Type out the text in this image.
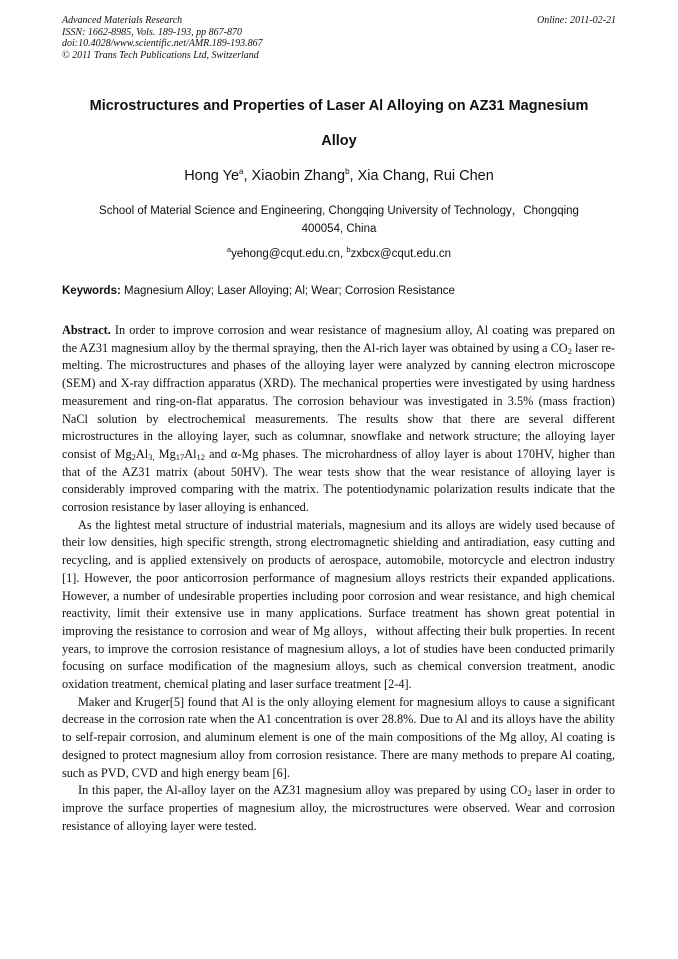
Online: 2011-02-21
Advanced Materials Research
ISSN: 1662-8985, Vols. 189-193, pp 867-870
doi:10.4028/www.scientific.net/AMR.189-193.867
© 2011 Trans Tech Publications Ltd, Switzerland
Microstructures and Properties of Laser Al Alloying on AZ31 Magnesium
Alloy
Hong Ye$^a$, Xiaobin Zhang$^b$, Xia Chang, Rui Chen
School of Material Science and Engineering, Chongqing University of Technology，Chongqing
400054, China
$^a$yehong@cqut.edu.cn, $^b$zxbcx@cqut.edu.cn
Keywords: Magnesium Alloy; Laser Alloying; Al; Wear; Corrosion Resistance

Abstract. In order to improve corrosion and wear resistance of magnesium alloy, Al coating was prepared on the AZ31 magnesium alloy by the thermal spraying, then the Al-rich layer was obtained by using a $CO_2$ laser re-melting. The microstructures and phases of the alloying layer were analyzed by canning electron microscope (SEM) and X-ray diffraction apparatus (XRD). The mechanical properties were investigated by using hardness measurement and ring-on-flat apparatus. The corrosion behaviour was investigated in 3.5% (mass fraction) NaCl solution by electrochemical measurements. The results show that there are several different microstructures in the alloying layer, such as columnar, snowflake and network structure; the alloying layer consist of $Mg_2Al_{3,}$ $Mg_{17}Al_{12}$ and α-Mg phases. The microhardness of alloy layer is about 170HV, higher than that of the AZ31 matrix (about 50HV). The wear tests show that the wear resistance of alloying layer is considerably improved comparing with the matrix. The potentiodynamic polarization results indicate that the corrosion resistance by laser alloying is enhanced.

As the lightest metal structure of industrial materials, magnesium and its alloys are widely used because of their low densities, high specific strength, strong electromagnetic shielding and antiradiation, easy cutting and recycling, and is applied extensively on products of aerospace, automobile, motorcycle and electron industry [1]. However, the poor anticorrosion performance of magnesium alloys restricts their expanded applications. However, a number of undesirable properties including poor corrosion and wear resistance, and high chemical reactivity, limit their extensive use in many applications. Surface treatment has shown great potential in improving the resistance to corrosion and wear of Mg alloys，without affecting their bulk properties. In recent years, to improve the corrosion resistance of magnesium alloys, a lot of studies have been conducted primarily focusing on surface modification of the magnesium alloys, such as chemical conversion treatment, anodic oxidation treatment, chemical plating and laser surface treatment [2-4].

Maker and Kruger[5] found that Al is the only alloying element for magnesium alloys to cause a significant decrease in the corrosion rate when the A1 concentration is over 28.8%. Due to Al and its alloys have the ability to self-repair corrosion, and aluminum element is one of the main compositions of the Mg alloy, Al coating is designed to protect magnesium alloy from corrosion resistance. There are many methods to prepare Al coating, such as PVD, CVD and high energy beam [6].

In this paper, the Al-alloy layer on the AZ31 magnesium alloy was prepared by using $CO_2$ laser in order to improve the surface properties of magnesium alloy, the microstructures were observed. Wear and corrosion resistance of alloying layer were tested.
